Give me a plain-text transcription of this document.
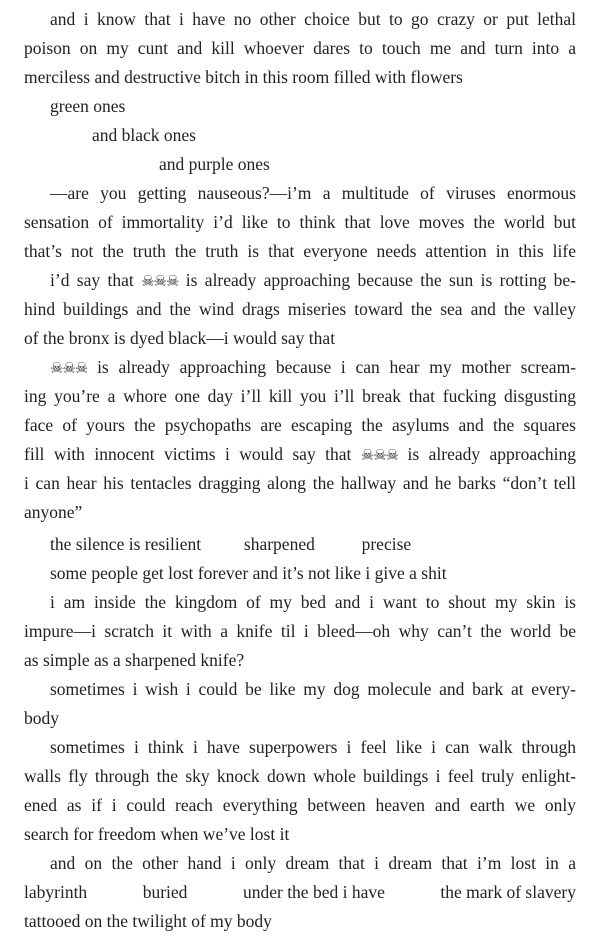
and i know that i have no other choice but to go crazy or put lethal
poison on my cunt and kill whoever dares to touch me and turn into a
merciless and destructive bitch in this room filled with flowers
green ones
and black ones
and purple ones
—are you getting nauseous?—i’m a multitude of viruses enormous
sensation of immortality i’d like to think that love moves the world but
that’s not the truth the truth is that everyone needs attention in this life
i’d say that ☠☠☠ is already approaching because the sun is rotting be-
hind buildings and the wind drags miseries toward the sea and the valley
of the bronx is dyed black—i would say that
☠☠☠ is already approaching because i can hear my mother scream-
ing you’re a whore one day i’ll kill you i’ll break that fucking disgusting
face of yours the psychopaths are escaping the asylums and the squares
fill with innocent victims i would say that ☠☠☠ is already approaching
i can hear his tentacles dragging along the hallway and he barks “don’t tell
anyone”
the silence is resilient sharpened	precise
some people get lost forever and it’s not like i give a shit
i am inside the kingdom of my bed and i want to shout my skin is
impure—i scratch it with a knife til i bleed—oh why can’t the world be
as simple as a sharpened knife?
sometimes i wish i could be like my dog molecule and bark at every-
body
sometimes i think i have superpowers i feel like i can walk through
walls fly through the sky knock down whole buildings i feel truly enlight-
ened as if i could reach everything between heaven and earth we only
search for freedom when we’ve lost it
and on the other hand i only dream that i dream that i’m lost in a
labyrinth	buried	under the bed i have	the mark of slavery
tattooed on the twilight of my body
